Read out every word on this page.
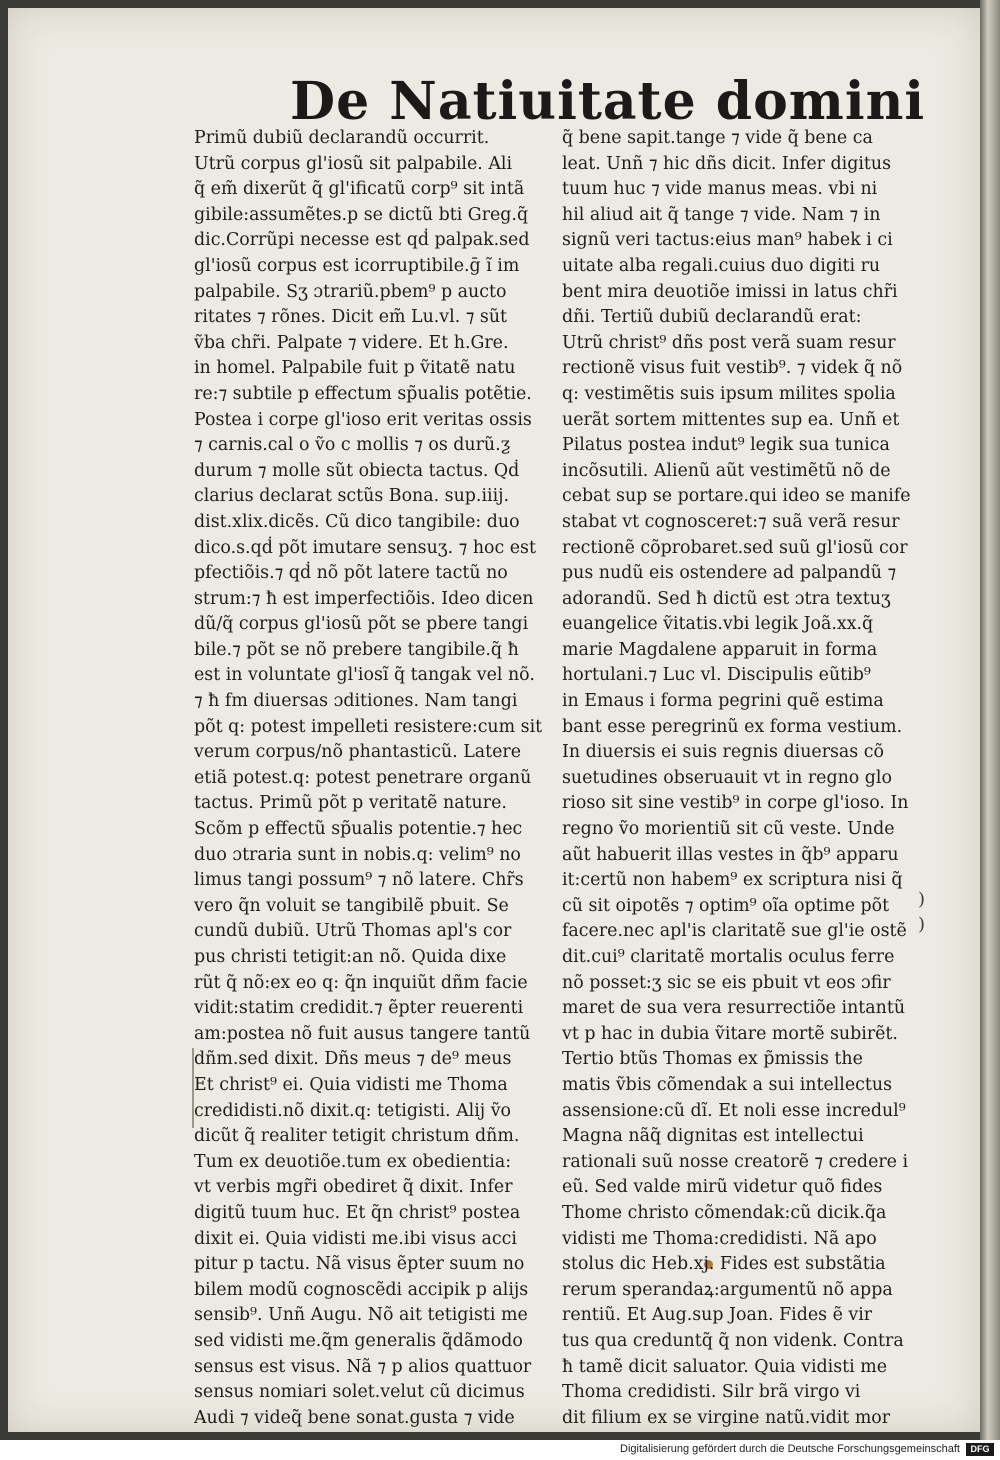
De Natiuitate domini
Primũ dubiũ declarandũ occurrit.
Utrũ corpus gl'iosũ sit palpabile. Ali
q̃ em̃ dixerũt q̃ gl'ificatũ corp⁹ sit intã
gibile:assumẽtes.p se dictũ bti Greg.q̃
dic.Corrũpi necesse est qḋ palpak.sed
gl'iosũ corpus est icorruptibile.ḡ ĩ im
palpabile. Sʒ ɔtrariũ.pbem⁹ p aucto
ritates ⁊ rõnes. Dicit em̃ Lu.vl. ⁊ sũt
ṽba chr̃i. Palpate ⁊ videre. Et h.Gre.
in homel. Palpabile fuit p ṽitatẽ natu
re:⁊ subtile p effectum sp̃ualis potẽtie.
Postea i corpe gl'ioso erit veritas ossis
⁊ carnis.cal o ṽo c mollis ⁊ os durũ.ƺ
durum ⁊ molle sũt obiecta tactus. Qḋ
clarius declarat sctũs Bona. sup.iiij.
dist.xlix.dicẽs. Cũ dico tangibile: duo
dico.s.qḋ põt imutare sensuʒ. ⁊ hoc est
pfectiõis.⁊ qḋ nõ põt latere tactũ no
strum:⁊ ħ est imperfectiõis. Ideo dicen
dũ/q̃ corpus gl'iosũ põt se pbere tangi
bile.⁊ põt se nõ prebere tangibile.q̃ ħ
est in voluntate gl'iosĩ q̃ tangak vel nõ.
⁊ ħ fm diuersas ɔditiones. Nam tangi
põt q: potest impelleti resistere:cum sit
verum corpus/nõ phantasticũ. Latere
etiã potest.q: potest penetrare organũ
tactus. Primũ põt p veritatẽ nature.
Scõm p effectũ sp̃ualis potentie.⁊ hec
duo ɔtraria sunt in nobis.q: velim⁹ no
limus tangi possum⁹ ⁊ nõ latere. Chr̃s
vero q̃n voluit se tangibilẽ pbuit. Se
cundũ dubiũ. Utrũ Thomas apl's cor
pus christi tetigit:an nõ. Quida dixe
rũt q̃ nõ:ex eo q: q̃n inquiũt dñm facie
vidit:statim credidit.⁊ ẽpter reuerenti
am:postea nõ fuit ausus tangere tantũ
dñm.sed dixit. Dñs meus ⁊ de⁹ meus
Et christ⁹ ei. Quia vidisti me Thoma
credidisti.nõ dixit.q: tetigisti. Alij ṽo
dicũt q̃ realiter tetigit christum dñm.
Tum ex deuotiõe.tum ex obedientia:
vt verbis mgr̃i obediret q̃ dixit. Infer
digitũ tuum huc. Et q̃n christ⁹ postea
dixit ei. Quia vidisti me.ibi visus acci
pitur p tactu. Nã visus ẽpter suum no
bilem modũ cognoscẽdi accipik p alijs
sensib⁹. Unñ Augu. Nõ ait tetigisti me
sed vidisti me.q̃m generalis q̃dãmodo
sensus est visus. Nã ⁊ p alios quattuor
sensus nomiari solet.velut cũ dicimus
Audi ⁊ videq̃ bene sonat.gusta ⁊ vide
q̃ bene sapit.tange ⁊ vide q̃ bene ca
leat. Unñ ⁊ hic dñs dicit. Infer digitus
tuum huc ⁊ vide manus meas. vbi ni
hil aliud ait q̃ tange ⁊ vide. Nam ⁊ in
signũ veri tactus:eius man⁹ habek i ci
uitate alba regali.cuius duo digiti ru
bent mira deuotiõe imissi in latus chr̃i
dñi. Tertiũ dubiũ declarandũ erat:
Utrũ christ⁹ dñs post verã suam resur
rectionẽ visus fuit vestib⁹. ⁊ videk q̃ nõ
q: vestimẽtis suis ipsum milites spolia
uerãt sortem mittentes sup ea. Unñ et
Pilatus postea indut⁹ legik sua tunica
incõsutili. Alienũ aũt vestimẽtũ nõ de
cebat sup se portare.qui ideo se manife
stabat vt cognosceret:⁊ suã verã resur
rectionẽ cõprobaret.sed suũ gl'iosũ cor
pus nudũ eis ostendere ad palpandũ ⁊
adorandũ. Sed ħ dictũ est ɔtra textuʒ
euangelice ṽitatis.vbi legik Joã.xx.q̃
marie Magdalene apparuit in forma
hortulani.⁊ Luc vl. Discipulis eũtib⁹
in Emaus i forma pegrini quẽ estima
bant esse peregrinũ ex forma vestium.
In diuersis ei suis regnis diuersas cõ
suetudines obseruauit vt in regno glo
rioso sit sine vestib⁹ in corpe gl'ioso. In
regno ṽo morientiũ sit cũ veste. Unde
aũt habuerit illas vestes in q̃b⁹ apparu
it:certũ non habem⁹ ex scriptura nisi q̃
cũ sit oipotẽs ⁊ optim⁹ oĩa optime põt
facere.nec apl'is claritatẽ sue gl'ie ostẽ
dit.cui⁹ claritatẽ mortalis oculus ferre
nõ posset:ʒ sic se eis pbuit vt eos ɔfir
maret de sua vera resurrectiõe intantũ
vt p hac in dubia ṽitare mortẽ subirẽt.
Tertio btũs Thomas ex p̃missis the
matis ṽbis cõmendak a sui intellectus
assensione:cũ dĩ. Et noli esse incredul⁹
Magna nãq̃ dignitas est intellectui
rationali suũ nosse creatorẽ ⁊ credere i
eũ. Sed valde mirũ videtur quõ fides
Thome christo cõmendak:cũ dicik.q̃a
vidisti me Thoma:credidisti. Nã apo
stolus dic Heb.xj. Fides est substãtia
rerum sperandaꝝ:argumentũ nõ appa
rentiũ. Et Aug.sup Joan. Fides ẽ vir
tus qua creduntq̃ q̃ non videnk. Contra
ħ tamẽ dicit saluator. Quia vidisti me
Thoma credidisti. Silr brã virgo vi
dit filium ex se virgine natũ.vidit mor
)
)
Digitalisierung gefördert durch die Deutsche Forschungsgemeinschaft	DFG
